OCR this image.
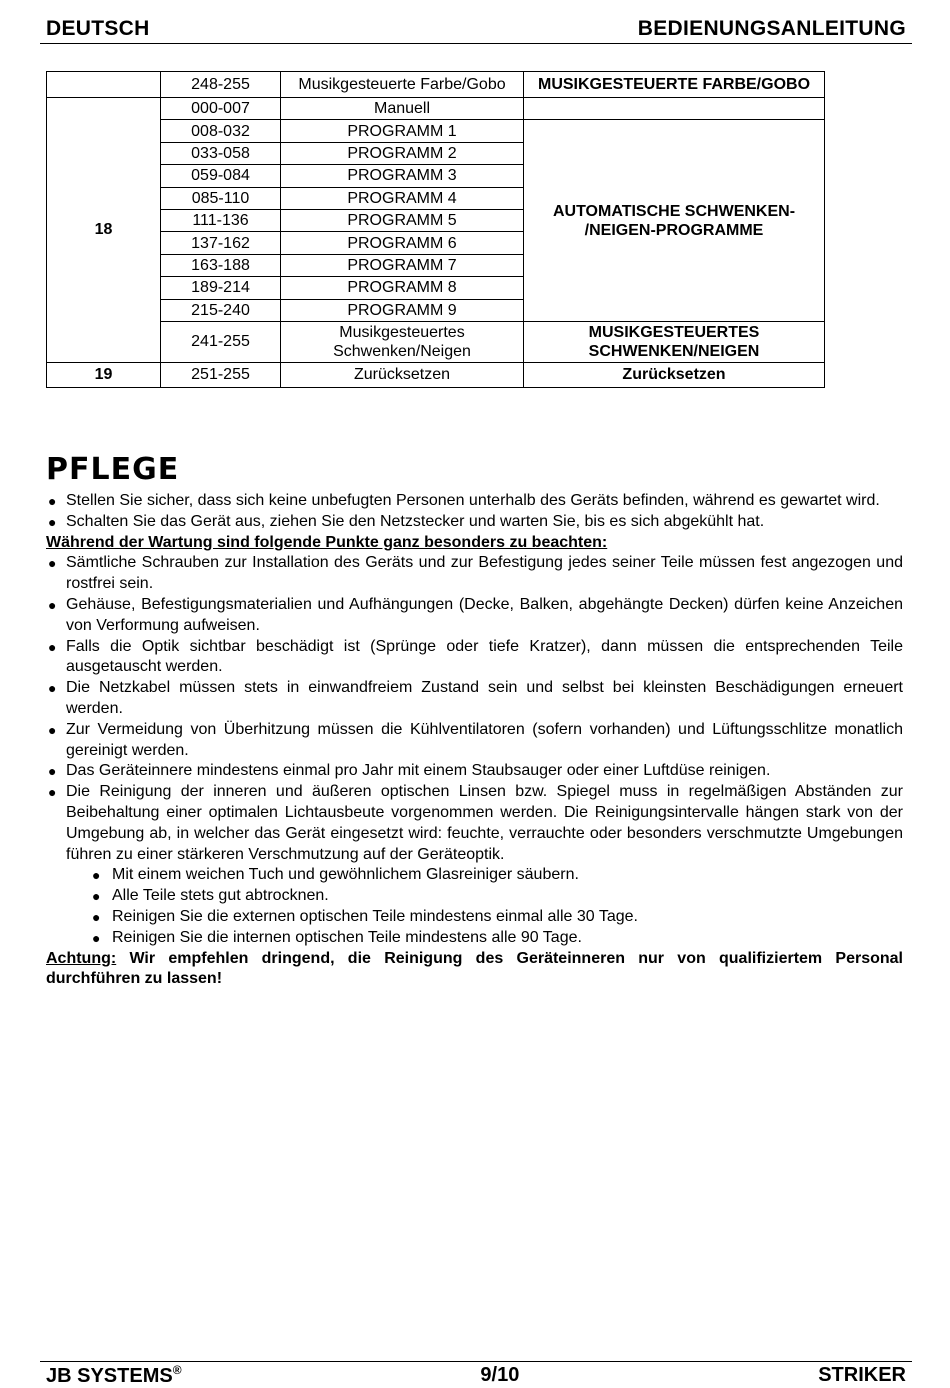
DEUTSCH	BEDIENUNGSANLEITUNG
	248-255	Musikgesteuerte Farbe/Gobo	MUSIKGESTEUERTE FARBE/GOBO
18	000-007	Manuell	
	008-032	PROGRAMM 1	AUTOMATISCHE SCHWENKEN-
/NEIGEN-PROGRAMME
	033-058	PROGRAMM 2	
	059-084	PROGRAMM 3	
	085-110	PROGRAMM 4	
	111-136	PROGRAMM 5	
	137-162	PROGRAMM 6	
	163-188	PROGRAMM 7	
	189-214	PROGRAMM 8	
	215-240	PROGRAMM 9	
	241-255	Musikgesteuertes
Schwenken/Neigen	MUSIKGESTEUERTES
SCHWENKEN/NEIGEN
19	251-255	Zurücksetzen	Zurücksetzen
PFLEGE
● Stellen Sie sicher, dass sich keine unbefugten Personen unterhalb des Geräts befinden, während es gewartet wird.
● Schalten Sie das Gerät aus, ziehen Sie den Netzstecker und warten Sie, bis es sich abgekühlt hat.
Während der Wartung sind folgende Punkte ganz besonders zu beachten:
● Sämtliche Schrauben zur Installation des Geräts und zur Befestigung jedes seiner Teile müssen fest angezogen und rostfrei sein.
● Gehäuse, Befestigungsmaterialien und Aufhängungen (Decke, Balken, abgehängte Decken) dürfen keine Anzeichen von Verformung aufweisen.
● Falls die Optik sichtbar beschädigt ist (Sprünge oder tiefe Kratzer), dann müssen die entsprechenden Teile ausgetauscht werden.
● Die Netzkabel müssen stets in einwandfreiem Zustand sein und selbst bei kleinsten Beschädigungen erneuert werden.
● Zur Vermeidung von Überhitzung müssen die Kühlventilatoren (sofern vorhanden) und Lüftungsschlitze monatlich gereinigt werden.
● Das Geräteinnere mindestens einmal pro Jahr mit einem Staubsauger oder einer Luftdüse reinigen.
● Die Reinigung der inneren und äußeren optischen Linsen bzw. Spiegel muss in regelmäßigen Abständen zur Beibehaltung einer optimalen Lichtausbeute vorgenommen werden. Die Reinigungsintervalle hängen stark von der Umgebung ab, in welcher das Gerät eingesetzt wird: feuchte, verrauchte oder besonders verschmutzte Umgebungen führen zu einer stärkeren Verschmutzung auf der Geräteoptik.
● Mit einem weichen Tuch und gewöhnlichem Glasreiniger säubern.
● Alle Teile stets gut abtrocknen.
● Reinigen Sie die externen optischen Teile mindestens einmal alle 30 Tage.
● Reinigen Sie die internen optischen Teile mindestens alle 90 Tage.
Achtung: Wir empfehlen dringend, die Reinigung des Geräteinneren nur von qualifiziertem Personal durchführen zu lassen!
JB SYSTEMS®	9/10	STRIKER
